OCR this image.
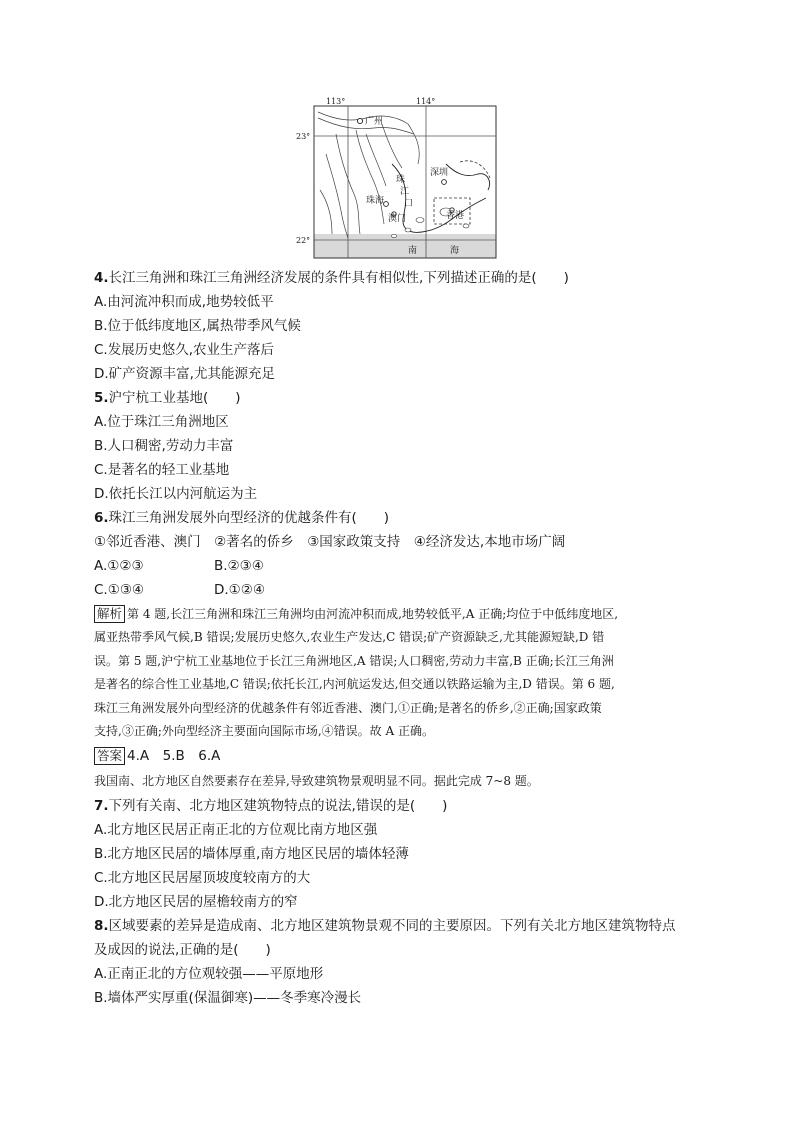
113°	114°
23°
22°
广州
深圳
珠海
澳门	香港
珠
江
口
南	海
4.长江三角洲和珠江三角洲经济发展的条件具有相似性,下列描述正确的是(　　)
A.由河流冲积而成,地势较低平
B.位于低纬度地区,属热带季风气候
C.发展历史悠久,农业生产落后
D.矿产资源丰富,尤其能源充足
5.沪宁杭工业基地(　　)
A.位于珠江三角洲地区
B.人口稠密,劳动力丰富
C.是著名的轻工业基地
D.依托长江以内河航运为主
6.珠江三角洲发展外向型经济的优越条件有(　　)
①邻近香港、澳门　②著名的侨乡　③国家政策支持　④经济发达,本地市场广阔
A.①②③	B.②③④
C.①③④	D.①②④
解析 第 4 题,长江三角洲和珠江三角洲均由河流冲积而成,地势较低平,A 正确;均位于中低纬度地区,
属亚热带季风气候,B 错误;发展历史悠久,农业生产发达,C 错误;矿产资源缺乏,尤其能源短缺,D 错
误。第 5 题,沪宁杭工业基地位于长江三角洲地区,A 错误;人口稠密,劳动力丰富,B 正确;长江三角洲
是著名的综合性工业基地,C 错误;依托长江,内河航运发达,但交通以铁路运输为主,D 错误。第 6 题,
珠江三角洲发展外向型经济的优越条件有邻近香港、澳门,①正确;是著名的侨乡,②正确;国家政策
支持,③正确;外向型经济主要面向国际市场,④错误。故 A 正确。
答案 4.A　5.B　6.A
我国南、北方地区自然要素存在差异,导致建筑物景观明显不同。据此完成 7~8 题。
7.下列有关南、北方地区建筑物特点的说法,错误的是(　　)
A.北方地区民居正南正北的方位观比南方地区强
B.北方地区民居的墙体厚重,南方地区民居的墙体轻薄
C.北方地区民居屋顶坡度较南方的大
D.北方地区民居的屋檐较南方的窄
8.区域要素的差异是造成南、北方地区建筑物景观不同的主要原因。下列有关北方地区建筑物特点
及成因的说法,正确的是(　　)
A.正南正北的方位观较强——平原地形
B.墙体严实厚重(保温御寒)——冬季寒冷漫长
